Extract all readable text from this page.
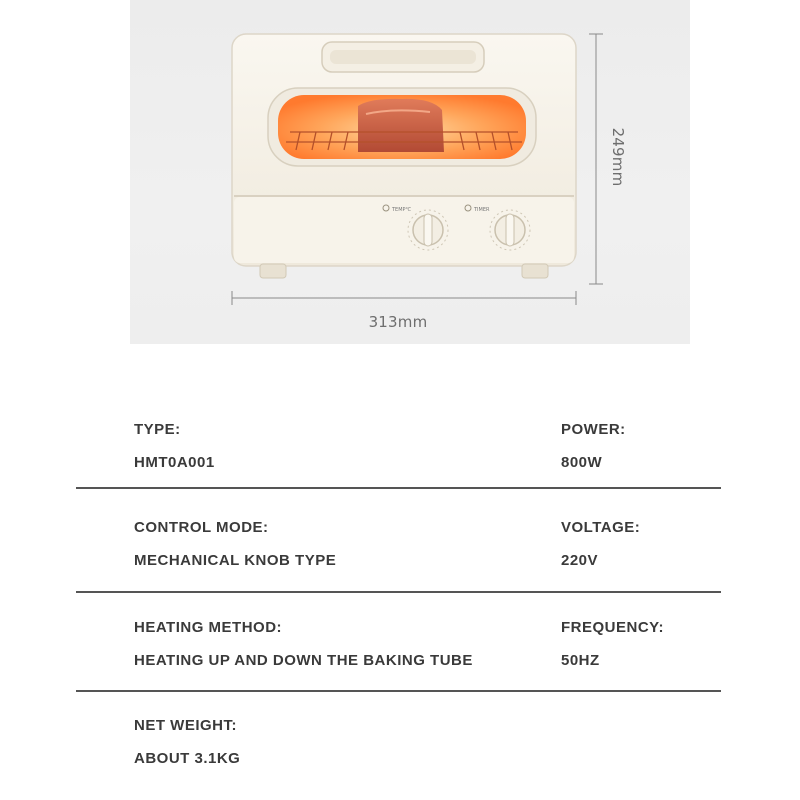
TEMP℃	TIMER
313mm
249mm
TYPE:
HMT0A001
POWER:
800W
CONTROL MODE:
MECHANICAL KNOB TYPE
VOLTAGE:
220V
HEATING METHOD:
HEATING UP AND DOWN THE BAKING TUBE
FREQUENCY:
50HZ
NET WEIGHT:
ABOUT 3.1KG
